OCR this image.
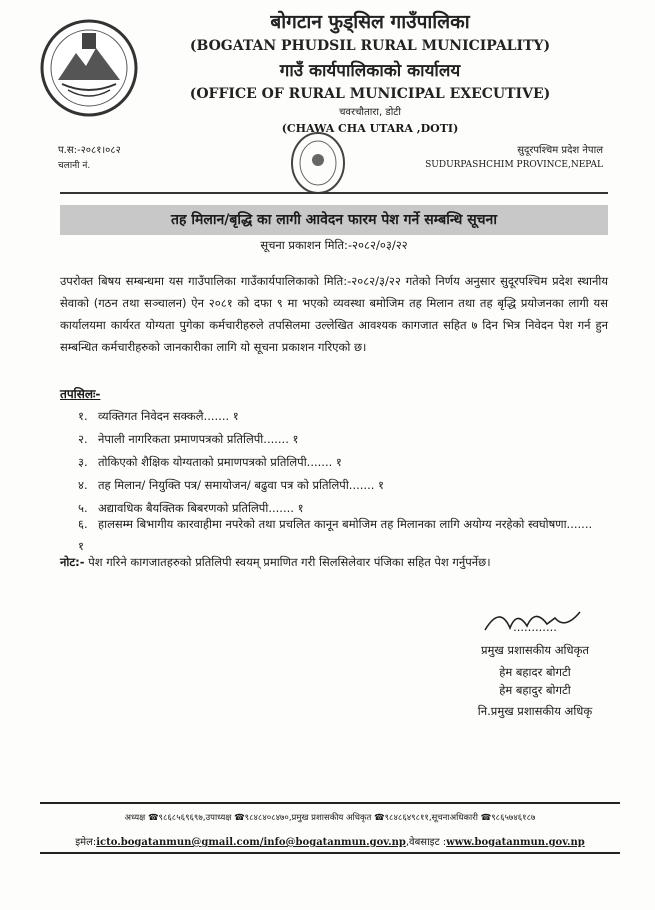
बोगटान फुड्सिल गाउँपालिका
(BOGATAN PHUDSIL RURAL MUNICIPALITY)
गाउँ कार्यपालिकाको कार्यालय
(OFFICE OF RURAL MUNICIPAL EXECUTIVE)
चवरचौतारा, डोटी
(CHAWA CHA UTARA ,DOTI)
प.स:-२०८१।०८२
चलानी नं.
सुदूरपश्चिम प्रदेश नेपाल
SUDURPASHCHIM PROVINCE,NEPAL
तह मिलान/बृद्धि का लागी आवेदन फारम पेश गर्ने सम्बन्धि सूचना
सूचना प्रकाशन मिति:-२०८२/०३/२२
उपरोक्त बिषय सम्बन्धमा यस गाउँपालिका गाउँकार्यपालिकाको मिति:-२०८२/३/२२ गतेको निर्णय अनुसार सुदूरपश्चिम प्रदेश स्थानीय सेवाको (गठन तथा सञ्चालन) ऐन २०८१ को दफा ९ मा भएको व्यवस्था बमोजिम तह मिलान तथा तह बृद्धि प्रयोजनका लागी यस कार्यालयमा कार्यरत योग्यता पुगेका कर्मचारीहरुले तपसिलमा उल्लेखित आवश्यक कागजात सहित ७ दिन भित्र निवेदन पेश गर्न हुन सम्बन्धित कर्मचारीहरुको जानकारीका लागि यो सूचना प्रकाशन गरिएको छ।
तपसिलः-
१. व्यक्तिगत निवेदन सक्कलै....... १
२. नेपाली नागरिकता प्रमाणपत्रको प्रतिलिपी....... १
३. तोकिएको शैक्षिक योग्यताको प्रमाणपत्रको प्रतिलिपी....... १
४. तह मिलान/ नियुक्ति पत्र/ समायोजन/ बढुवा पत्र को प्रतिलिपी....... १
५. अद्यावधिक बैयक्तिक बिबरणको प्रतिलिपी....... १
६. हालसम्म बिभागीय कारवाहीमा नपरेको तथा प्रचलित कानून बमोजिम तह मिलानका लागि अयोग्य नरहेको स्वघोषणा....... १
नोट:- पेश गरिने कागजातहरुको प्रतिलिपी स्वयम् प्रमाणित गरी सिलसिलेवार पंजिका सहित पेश गर्नुपर्नेछ।
............
प्रमुख प्रशासकीय अधिकृत
हेम बहादर बोगटी
हेम बहादुर बोगटी
नि.प्रमुख प्रशासकीय अधिकृ
अध्यक्ष ☎९८६८५६९६९७,उपाध्यक्ष ☎९८४८४०८४७०,प्रमुख प्रशासकीय अधिकृत ☎९८४८६४९८११,सूचनाअधिकारी ☎९८६५७४६१८७
इमेल:icto.bogatanmun@gmail.com/info@bogatanmun.gov.np,वेबसाइट :www.bogatanmun.gov.np
